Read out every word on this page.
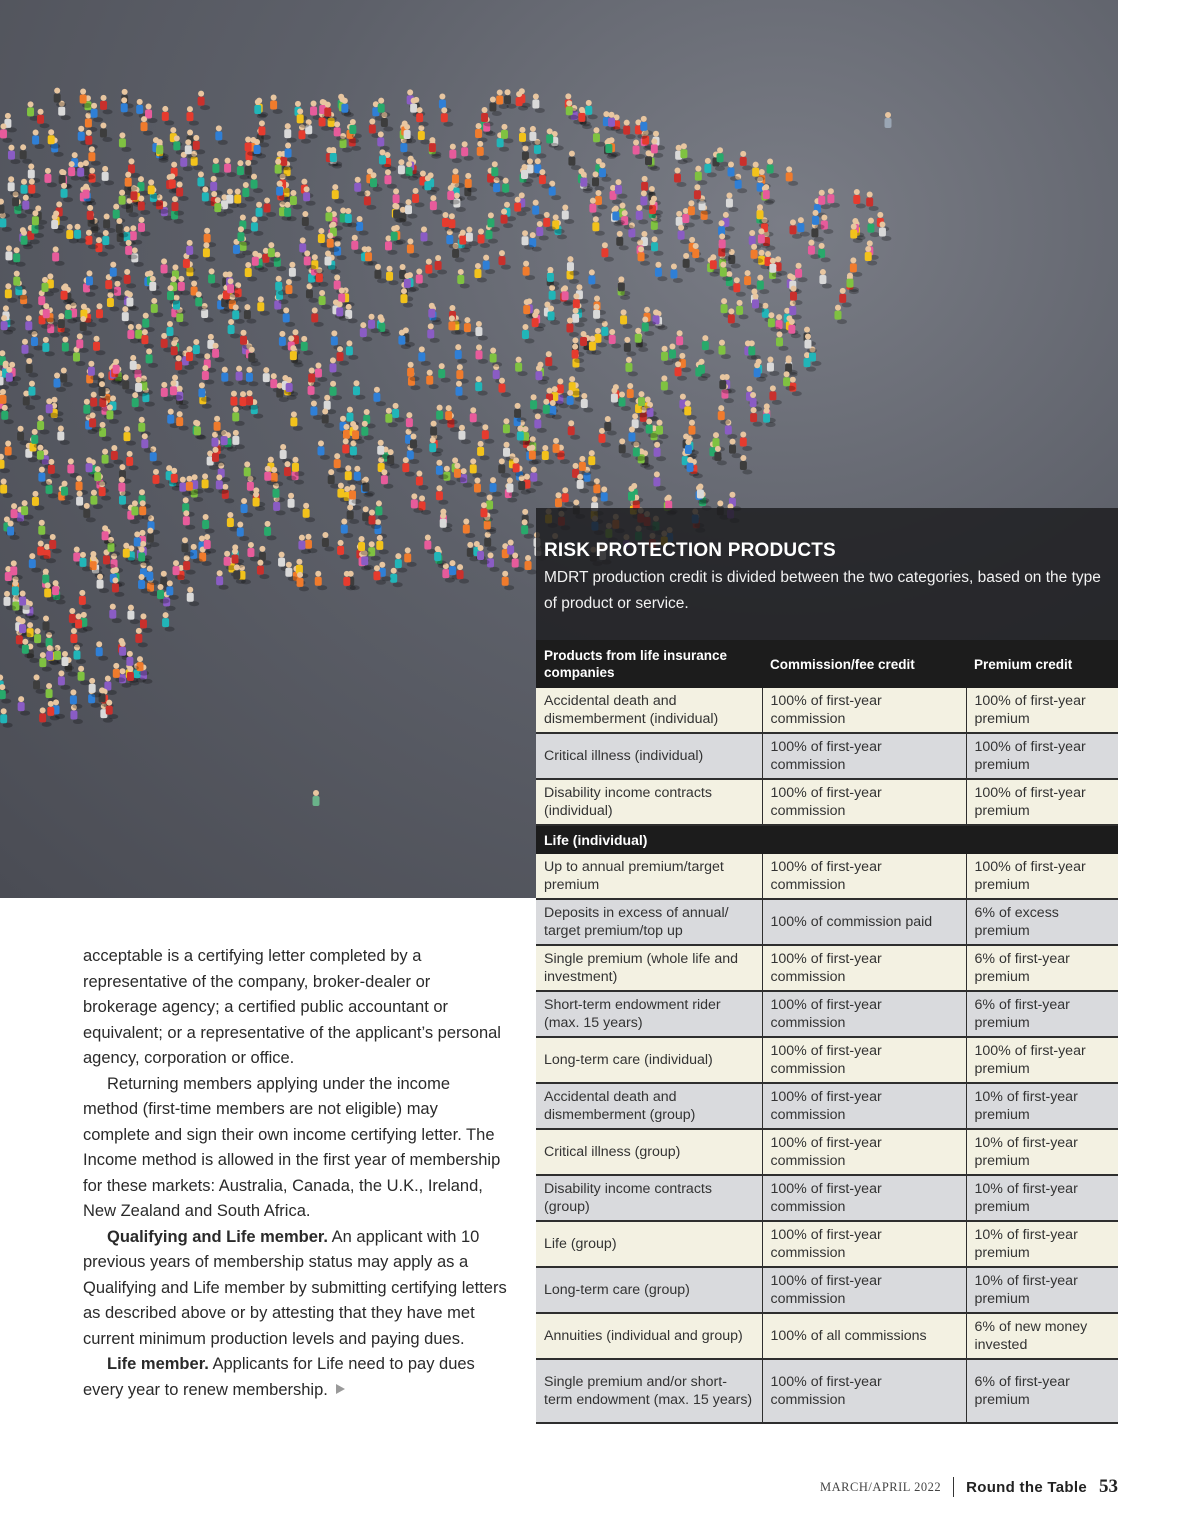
RISK PROTECTION PRODUCTS
MDRT production credit is divided between the two categories, based on the type of product or service.
Products from life insurance companies	Commission/fee credit	Premium credit
Accidental death and dismemberment (individual)	100% of first-year commission	100% of first-year premium
Critical illness (individual)	100% of first-year commission	100% of first-year premium
Disability income contracts (individual)	100% of first-year commission	100% of first-year premium
Life (individual)		
Up to annual premium/target premium	100% of first-year commission	100% of first-year premium
Deposits in excess of annual/ target premium/top up	100% of commission paid	6% of excess premium
Single premium (whole life and investment)	100% of first-year commission	6% of first-year premium
Short-term endowment rider (max. 15 years)	100% of first-year commission	6% of first-year premium
Long-term care (individual)	100% of first-year commission	100% of first-year premium
Accidental death and dismemberment (group)	100% of first-year commission	10% of first-year premium
Critical illness (group)	100% of first-year commission	10% of first-year premium
Disability income contracts (group)	100% of first-year commission	10% of first-year premium
Life (group)	100% of first-year commission	10% of first-year premium
Long-term care (group)	100% of first-year commission	10% of first-year premium
Annuities (individual and group)	100% of all commissions	6% of new money invested
Single premium and/or short-term endowment (max. 15 years)	100% of first-year commission	6% of first-year premium

acceptable is a certifying letter completed by a representative of the company, broker-dealer or brokerage agency; a certified public accountant or equivalent; or a representative of the applicant’s personal agency, corporation or office.

Returning members applying under the income method (first-time members are not eligible) may complete and sign their own income certifying letter. The Income method is allowed in the first year of membership for these markets: Australia, Canada, the U.K., Ireland, New Zealand and South Africa.

Qualifying and Life member. An applicant with 10 previous years of membership status may apply as a Qualifying and Life member by submitting certifying letters as described above or by attesting that they have met current minimum production levels and paying dues.

Life member. Applicants for Life need to pay dues every year to renew membership.

MARCH/APRIL 2022 Round the Table 53
